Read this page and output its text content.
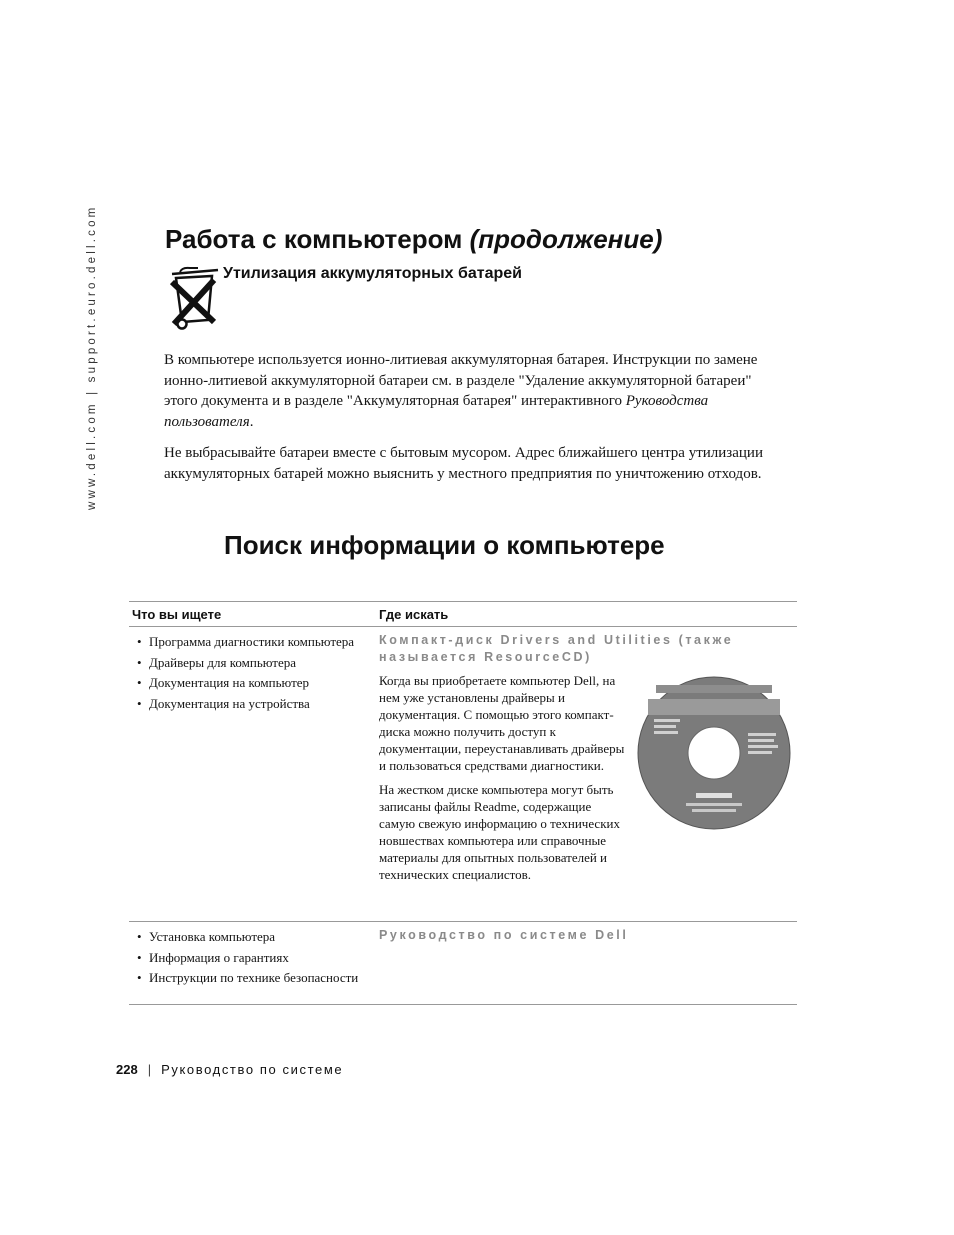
www.dell.com | support.euro.dell.com	Работа с компьютером (продолжение)
Утилизация аккумуляторных батарей

В компьютере используется ионно-литиевая аккумуляторная батарея. Инструкции по замене ионно-литиевой аккумуляторной батареи см. в разделе "Удаление аккумуляторной батареи" этого документа и в разделе "Аккумуляторная батарея" интерактивного Руководства пользователя.

Не выбрасывайте батареи вместе с бытовым мусором. Адрес ближайшего центра утилизации аккумуляторных батарей можно выяснить у местного предприятия по уничтожению отходов.

Поиск информации о компьютере
Что вы ищете	Где искать
• Программа диагностики компьютера
• Драйверы для компьютера
• Документация на компьютер
• Документация на устройства

Компакт-диск Drivers and Utilities (также называется ResourceCD)

Когда вы приобретаете компьютер Dell, на нем уже установлены драйверы и документация. С помощью этого компакт-диска можно получить доступ к документации, переустанавливать драйверы и пользоваться средствами диагностики.

На жестком диске компьютера могут быть записаны файлы Readme, содержащие самую свежую информацию о технических новшествах компьютера или справочные материалы для опытных пользователей и технических специалистов.

• Установка компьютера
• Информация о гарантиях
• Инструкции по технике безопасности

Руководство по системе Dell

228 | Руководство по системе
